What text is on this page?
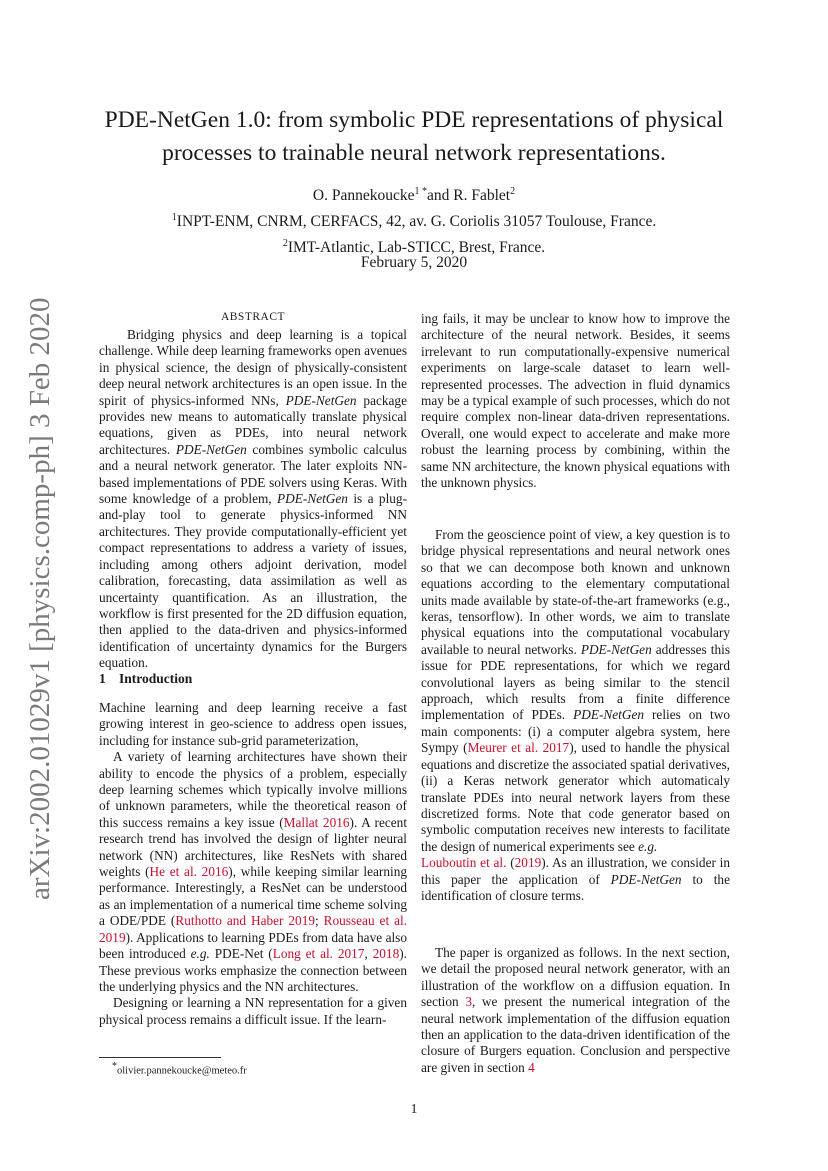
arXiv:2002.01029v1 [physics.comp-ph] 3 Feb 2020
PDE-NetGen 1.0: from symbolic PDE representations of physical
processes to trainable neural network representations.
O. Pannekoucke$^1$ *and R. Fablet$^2$
$^1$INPT-ENM, CNRM, CERFACS, 42, av. G. Coriolis 31057 Toulouse, France.
$^2$IMT-Atlantic, Lab-STICC, Brest, France.
February 5, 2020
ABSTRACT

Bridging physics and deep learning is a topical challenge. While deep learning frameworks open avenues in physical science, the design of physically-consistent deep neural network architectures is an open issue. In the spirit of physics-informed NNs, PDE-NetGen package provides new means to automatically translate physical equations, given as PDEs, into neural network architectures. PDE-NetGen combines symbolic calculus and a neural network generator. The later exploits NN-based implementations of PDE solvers using Keras. With some knowledge of a problem, PDE-NetGen is a plug-and-play tool to generate physics-informed NN architectures. They provide computationally-efficient yet compact representations to address a variety of issues, including among others adjoint derivation, model calibration, forecasting, data assimilation as well as uncertainty quantification. As an illustration, the workflow is first presented for the 2D diffusion equation, then applied to the data-driven and physics-informed identification of uncertainty dynamics for the Burgers equation.

1 Introduction

Machine learning and deep learning receive a fast growing interest in geo-science to address open issues, including for instance sub-grid parameterization,

A variety of learning architectures have shown their ability to encode the physics of a problem, especially deep learning schemes which typically involve millions of unknown parameters, while the theoretical reason of this success remains a key issue (Mallat 2016). A recent research trend has involved the design of lighter neural network (NN) architectures, like ResNets with shared weights (He et al. 2016), while keeping similar learning performance. Interestingly, a ResNet can be understood as an implementation of a numerical time scheme solving a ODE/PDE (Ruthotto and Haber 2019; Rousseau et al. 2019). Applications to learning PDEs from data have also been introduced e.g. PDE-Net (Long et al. 2017, 2018). These previous works emphasize the connection between the underlying physics and the NN architectures.

Designing or learning a NN representation for a given physical process remains a difficult issue. If the learn-

ing fails, it may be unclear to know how to improve the architecture of the neural network. Besides, it seems irrelevant to run computationally-expensive numerical experiments on large-scale dataset to learn well-represented processes. The advection in fluid dynamics may be a typical example of such processes, which do not require complex non-linear data-driven representations. Overall, one would expect to accelerate and make more robust the learning process by combining, within the same NN architecture, the known physical equations with the unknown physics.

From the geoscience point of view, a key question is to bridge physical representations and neural network ones so that we can decompose both known and unknown equations according to the elementary computational units made available by state-of-the-art frameworks (e.g., keras, tensorflow). In other words, we aim to translate physical equations into the computational vocabulary available to neural networks. PDE-NetGen addresses this issue for PDE representations, for which we regard convolutional layers as being similar to the stencil approach, which results from a finite difference implementation of PDEs. PDE-NetGen relies on two main components: (i) a computer algebra system, here Sympy (Meurer et al. 2017), used to handle the physical equations and discretize the associated spatial derivatives, (ii) a Keras network generator which automaticaly translate PDEs into neural network layers from these discretized forms. Note that code generator based on symbolic computation receives new interests to facilitate the design of numerical experiments see e.g.
Louboutin et al. (2019). As an illustration, we consider in this paper the application of PDE-NetGen to the identification of closure terms.

The paper is organized as follows. In the next section, we detail the proposed neural network generator, with an illustration of the workflow on a diffusion equation. In section 3, we present the numerical integration of the neural network implementation of the diffusion equation then an application to the data-driven identification of the closure of Burgers equation. Conclusion and perspective are given in section 4

*olivier.pannekoucke@meteo.fr
1
